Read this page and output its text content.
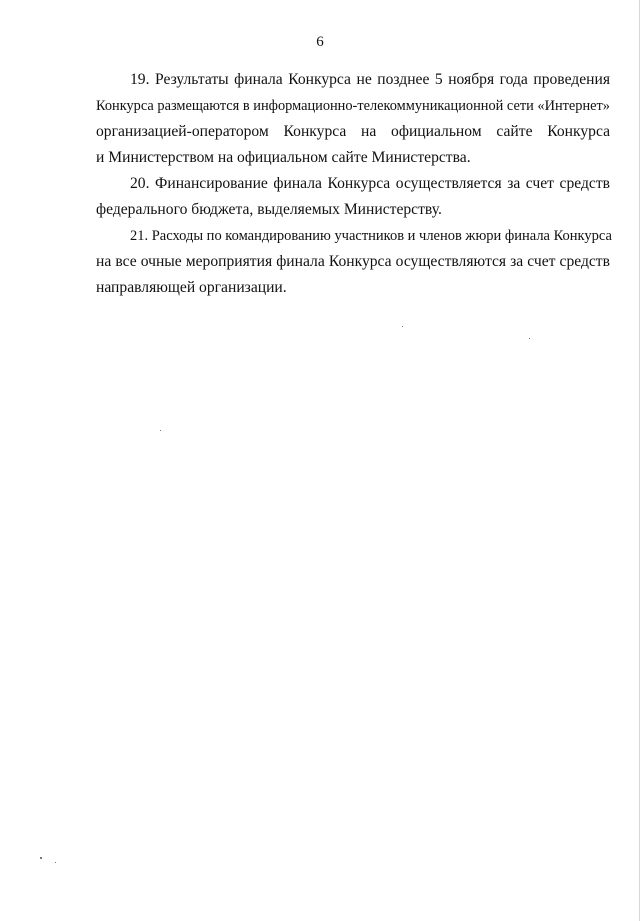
6
19. Результаты финала Конкурса не позднее 5 ноября года проведения
Конкурса размещаются в информационно-телекоммуникационной сети «Интернет»
организацией-оператором Конкурса на официальном сайте Конкурса
и Министерством на официальном сайте Министерства.
20. Финансирование финала Конкурса осуществляется за счет средств
федерального бюджета, выделяемых Министерству.
21. Расходы по командированию участников и членов жюри финала Конкурса
на все очные мероприятия финала Конкурса осуществляются за счет средств
направляющей организации.
